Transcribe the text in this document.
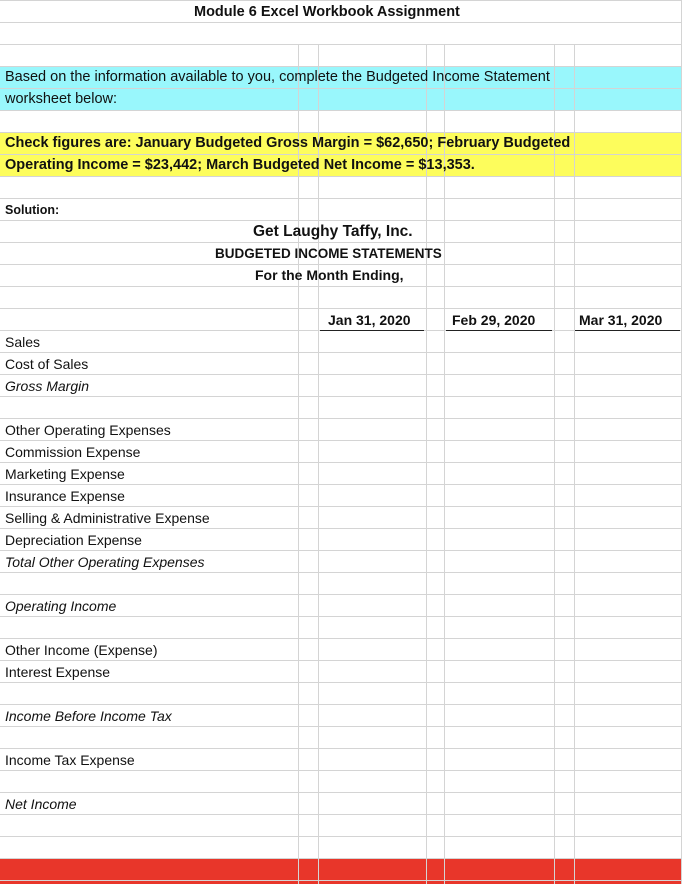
Module 6 Excel Workbook Assignment
Based on the information available to you, complete the Budgeted Income Statement
worksheet below:
Check figures are: January Budgeted Gross Margin = $62,650; February Budgeted
Operating Income = $23,442; March Budgeted Net Income = $13,353.
Solution:
Get Laughy Taffy, Inc.
BUDGETED INCOME STATEMENTS
For the Month Ending,
Jan 31, 2020	Feb 29, 2020	Mar 31, 2020
Sales
Cost of Sales
Gross Margin
Other Operating Expenses
Commission Expense
Marketing Expense
Insurance Expense
Selling & Administrative Expense
Depreciation Expense
Total Other Operating Expenses
Operating Income
Other Income (Expense)
Interest Expense
Income Before Income Tax
Income Tax Expense
Net Income
